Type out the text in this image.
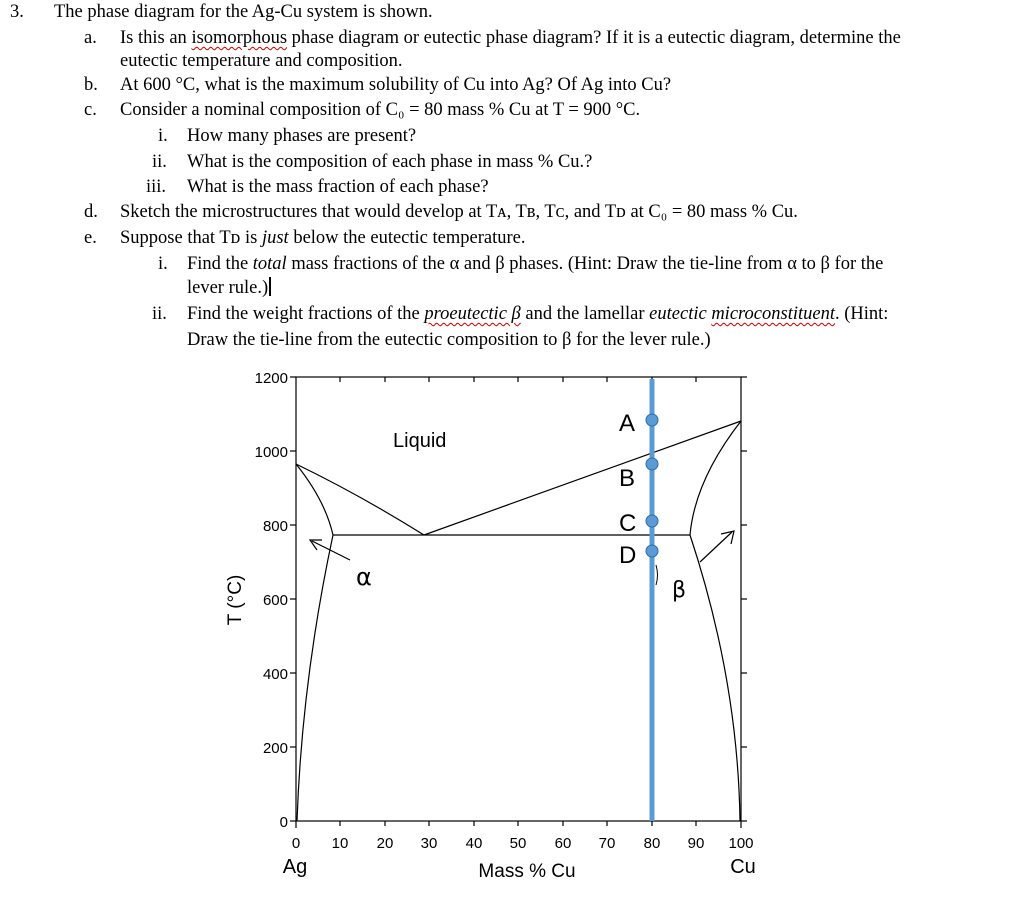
3. The phase diagram for the Ag-Cu system is shown.
a. Is this an isomorphous phase diagram or eutectic phase diagram? If it is a eutectic diagram, determine the
eutectic temperature and composition.
b. At 600 °C, what is the maximum solubility of Cu into Ag? Of Ag into Cu?
c. Consider a nominal composition of C₀ = 80 mass % Cu at T = 900 °C.
i. How many phases are present?
ii. What is the composition of each phase in mass % Cu.?
iii. What is the mass fraction of each phase?
d. Sketch the microstructures that would develop at Tᴀ, Tʙ, Tᴄ, and Tᴅ at C₀ = 80 mass % Cu.
e. Suppose that Tᴅ is just below the eutectic temperature.
i. Find the total mass fractions of the α and β phases. (Hint: Draw the tie-line from α to β for the
lever rule.)
ii. Find the weight fractions of the proeutectic β and the lamellar eutectic microconstituent. (Hint:
Draw the tie-line from the eutectic composition to β for the lever rule.)
A
B
C
D
Liquid
α	β
1200
1000
800
600
400
200
0
0 10 20 30 40 50 60 70 80 90 100
Ag	Cu
Mass % Cu
T (°C)
